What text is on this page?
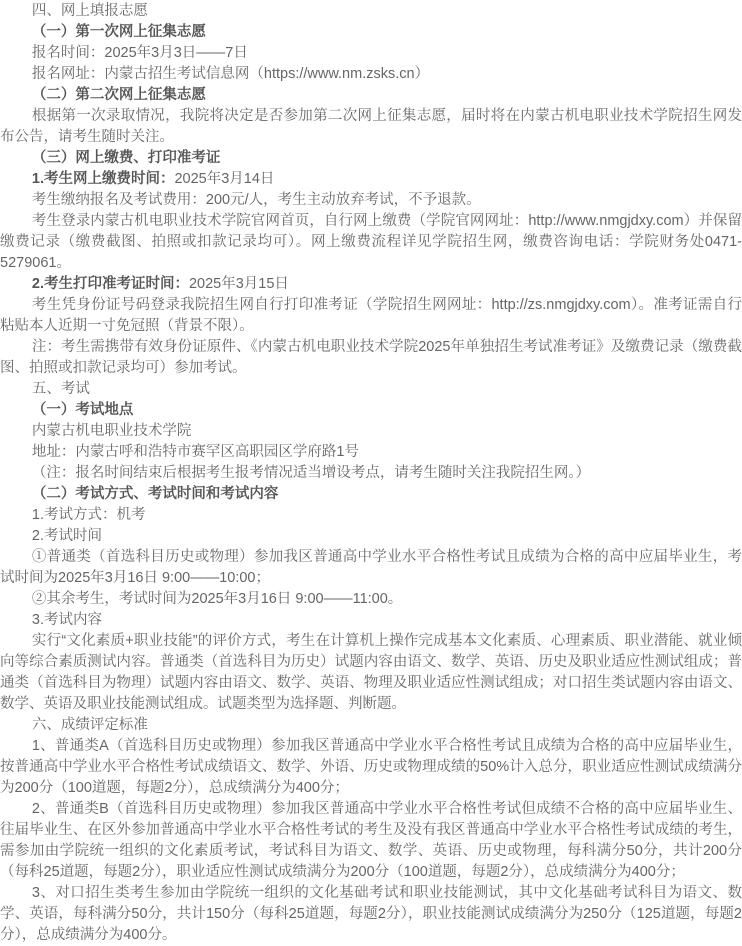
四、网上填报志愿

（一）第一次网上征集志愿

报名时间：2025年3月3日——7日

报名网址：内蒙古招生考试信息网（https://www.nm.zsks.cn）

（二）第二次网上征集志愿

根据第一次录取情况，我院将决定是否参加第二次网上征集志愿，届时将在内蒙古机电职业技术学院招生网发布公告，请考生随时关注。

（三）网上缴费、打印准考证

1.考生网上缴费时间：2025年3月14日

考生缴纳报名及考试费用：200元/人，考生主动放弃考试，不予退款。

考生登录内蒙古机电职业技术学院官网首页，自行网上缴费（学院官网网址：http://www.nmgjdxy.com）并保留缴费记录（缴费截图、拍照或扣款记录均可）。网上缴费流程详见学院招生网，缴费咨询电话：学院财务处0471-5279061。

2.考生打印准考证时间：2025年3月15日

考生凭身份证号码登录我院招生网自行打印准考证（学院招生网网址：http://zs.nmgjdxy.com）。准考证需自行粘贴本人近期一寸免冠照（背景不限）。

注：考生需携带有效身份证原件、《内蒙古机电职业技术学院2025年单独招生考试准考证》及缴费记录（缴费截图、拍照或扣款记录均可）参加考试。

五、考试

（一）考试地点

内蒙古机电职业技术学院

地址：内蒙古呼和浩特市赛罕区高职园区学府路1号

（注：报名时间结束后根据考生报考情况适当增设考点，请考生随时关注我院招生网。）

（二）考试方式、考试时间和考试内容

1.考试方式：机考

2.考试时间

①普通类（首选科目历史或物理）参加我区普通高中学业水平合格性考试且成绩为合格的高中应届毕业生，考试时间为2025年3月16日 9:00——10:00；

②其余考生，考试时间为2025年3月16日 9:00——11:00。

3.考试内容

实行“文化素质+职业技能”的评价方式，考生在计算机上操作完成基本文化素质、心理素质、职业潜能、就业倾向等综合素质测试内容。普通类（首选科目为历史）试题内容由语文、数学、英语、历史及职业适应性测试组成；普通类（首选科目为物理）试题内容由语文、数学、英语、物理及职业适应性测试组成；对口招生类试题内容由语文、数学、英语及职业技能测试组成。试题类型为选择题、判断题。

六、成绩评定标准

1、普通类A（首选科目历史或物理）参加我区普通高中学业水平合格性考试且成绩为合格的高中应届毕业生，按普通高中学业水平合格性考试成绩语文、数学、外语、历史或物理成绩的50%计入总分，职业适应性测试成绩满分为200分（100道题，每题2分），总成绩满分为400分；

2、普通类B（首选科目历史或物理）参加我区普通高中学业水平合格性考试但成绩不合格的高中应届毕业生、往届毕业生、在区外参加普通高中学业水平合格性考试的考生及没有我区普通高中学业水平合格性考试成绩的考生，需参加由学院统一组织的文化素质考试，考试科目为语文、数学、英语、历史或物理，每科满分50分，共计200分（每科25道题，每题2分），职业适应性测试成绩满分为200分（100道题，每题2分），总成绩满分为400分；

3、对口招生类考生参加由学院统一组织的文化基础考试和职业技能测试，其中文化基础考试科目为语文、数学、英语，每科满分50分，共计150分（每科25道题，每题2分），职业技能测试成绩满分为250分（125道题，每题2分），总成绩满分为400分。
